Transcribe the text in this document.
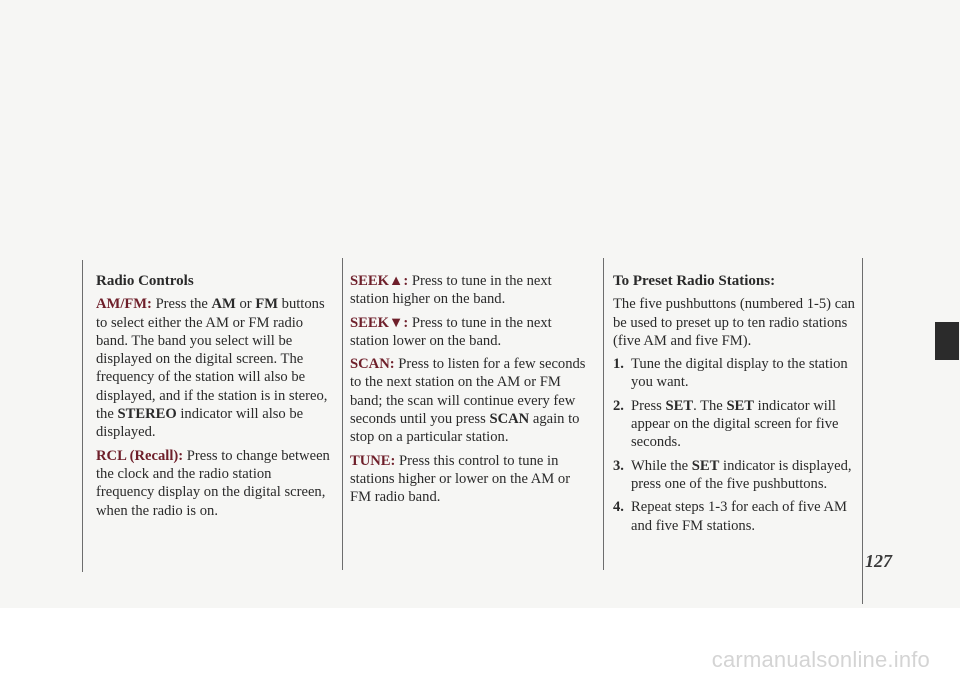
Radio Controls

AM/FM: Press the AM or FM buttons to select either the AM or FM radio band. The band you select will be displayed on the digital screen. The frequency of the station will also be displayed, and if the station is in stereo, the STEREO indicator will also be displayed.

RCL (Recall): Press to change between the clock and the radio station frequency display on the digital screen, when the radio is on.

SEEK▲: Press to tune in the next station higher on the band.

SEEK▼: Press to tune in the next station lower on the band.

SCAN: Press to listen for a few seconds to the next station on the AM or FM band; the scan will continue every few seconds until you press SCAN again to stop on a particular station.

TUNE: Press this control to tune in stations higher or lower on the AM or FM radio band.

To Preset Radio Stations:

The five pushbuttons (numbered 1-5) can be used to preset up to ten radio stations (five AM and five FM).

1. Tune the digital display to the station you want.
2. Press SET. The SET indicator will appear on the digital screen for five seconds.
3. While the SET indicator is displayed, press one of the five pushbuttons.
4. Repeat steps 1-3 for each of five AM and five FM stations.
127
carmanualsonline.info
